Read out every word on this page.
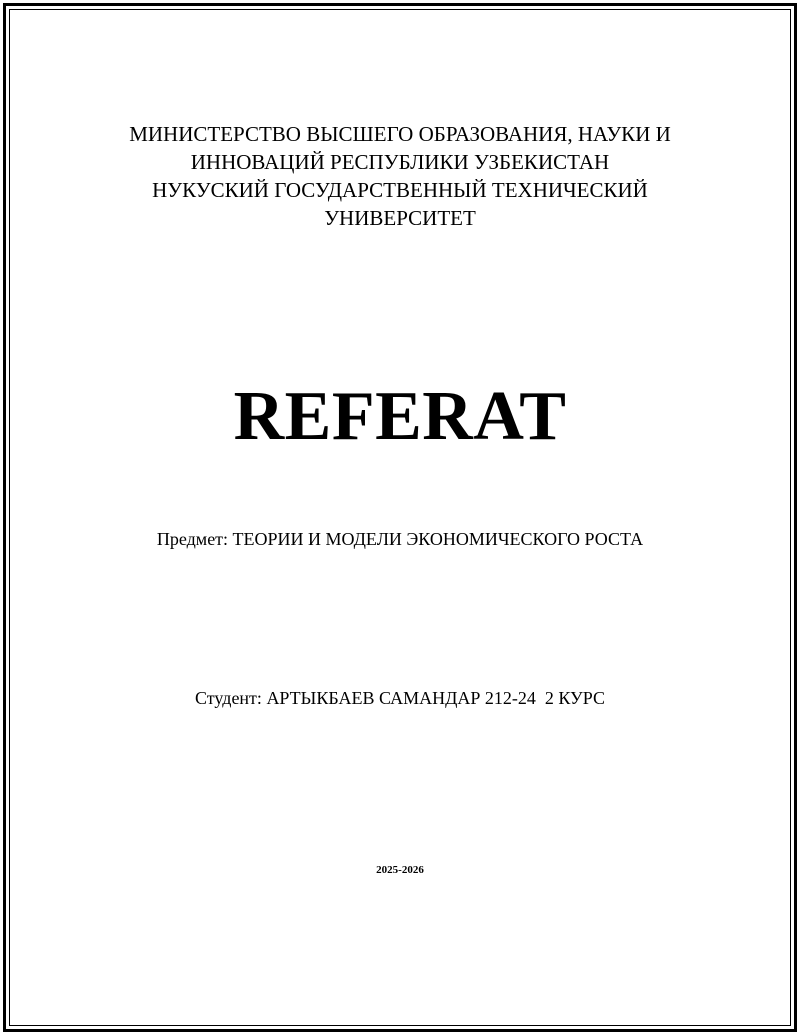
МИНИСТЕРСТВО ВЫСШЕГО ОБРАЗОВАНИЯ, НАУКИ И
ИННОВАЦИЙ РЕСПУБЛИКИ УЗБЕКИСТАН
НУКУСКИЙ ГОСУДАРСТВЕННЫЙ ТЕХНИЧЕСКИЙ
УНИВЕРСИТЕТ
REFERAT
Предмет: ТЕОРИИ И МОДЕЛИ ЭКОНОМИЧЕСКОГО РОСТА
Студент: АРТЫКБАЕВ САМАНДАР 212-24  2 КУРС
2025-2026
